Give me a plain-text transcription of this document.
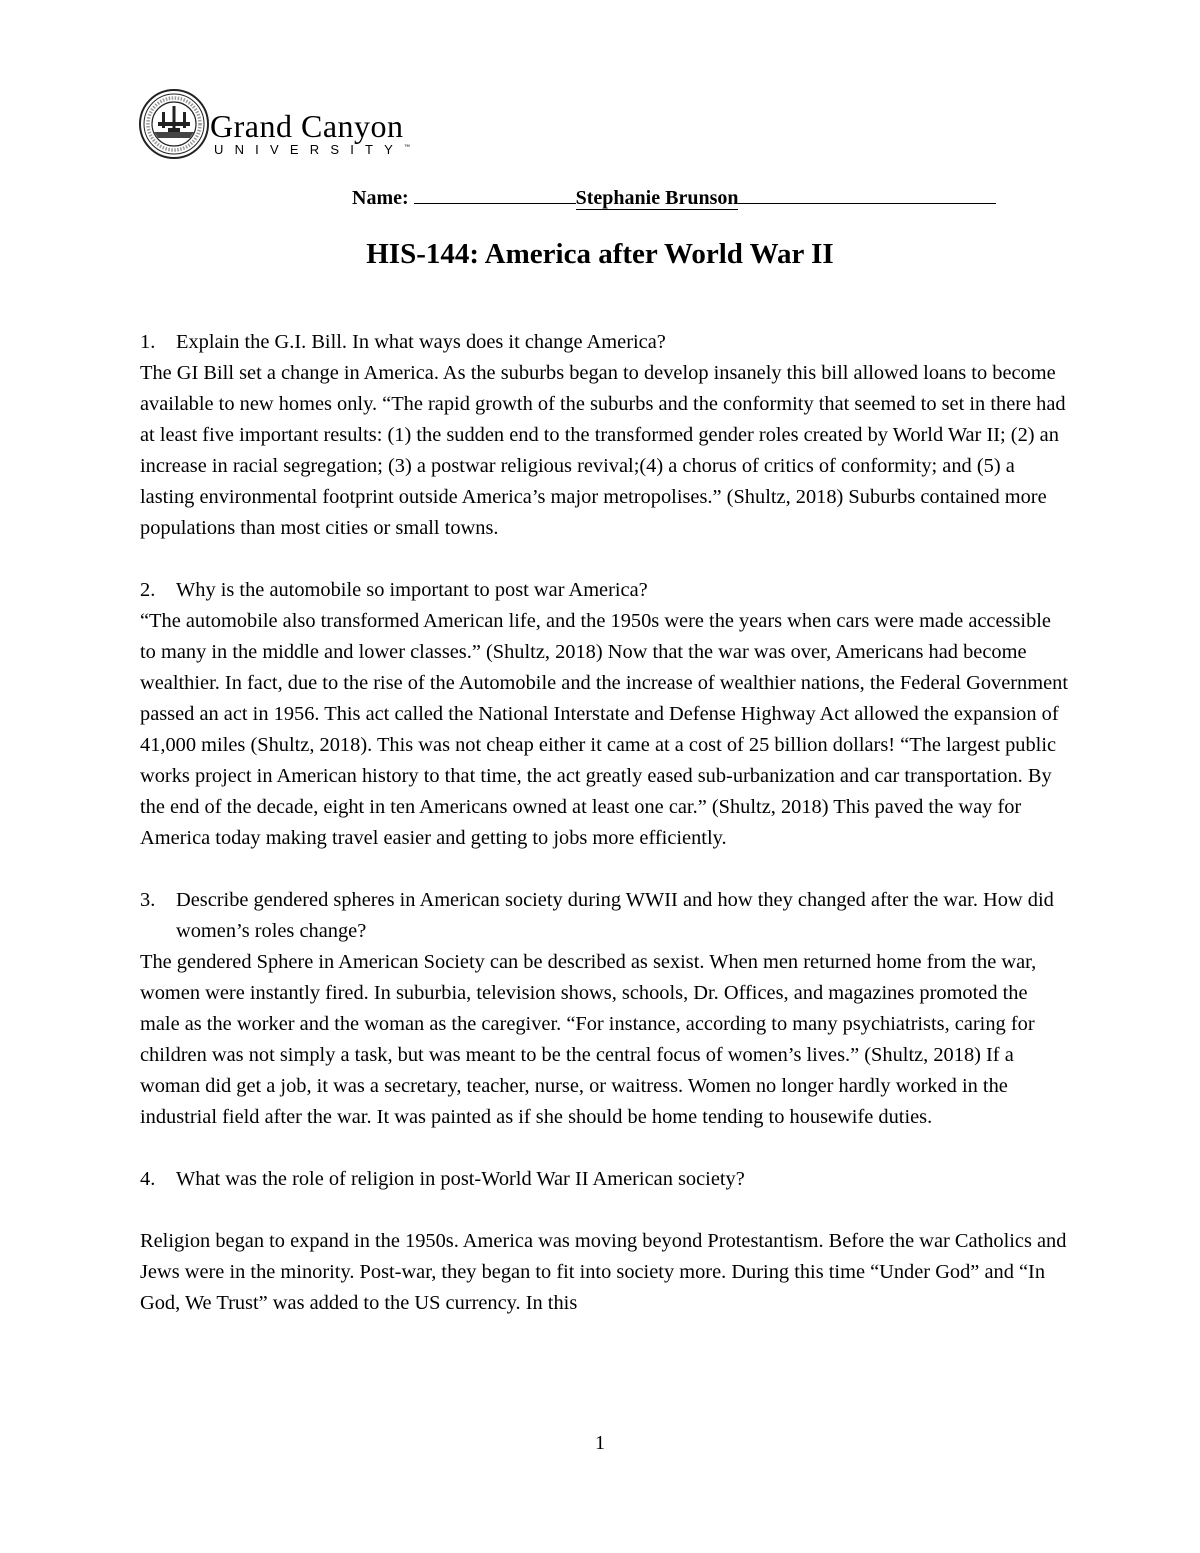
Grand Canyon
UNIVERSITY™
Name:	Stephanie Brunson
HIS-144: America after World War II

1. Explain the G.I. Bill. In what ways does it change America?

The GI Bill set a change in America. As the suburbs began to develop insanely this bill allowed loans to become available to new homes only. “The rapid growth of the suburbs and the conformity that seemed to set in there had at least five important results: (1) the sudden end to the transformed gender roles created by World War II; (2) an increase in racial segregation; (3) a postwar religious revival;(4) a chorus of critics of conformity; and (5) a lasting environmental footprint outside America’s major metropolises.” (Shultz, 2018) Suburbs contained more populations than most cities or small towns.

2. Why is the automobile so important to post war America?

“The automobile also transformed American life, and the 1950s were the years when cars were made accessible to many in the middle and lower classes.” (Shultz, 2018) Now that the war was over, Americans had become wealthier. In fact, due to the rise of the Automobile and the increase of wealthier nations, the Federal Government passed an act in 1956. This act called the National Interstate and Defense Highway Act allowed the expansion of 41,000 miles (Shultz, 2018). This was not cheap either it came at a cost of 25 billion dollars! “The largest public works project in American history to that time, the act greatly eased sub-urbanization and car transportation. By the end of the decade, eight in ten Americans owned at least one car.” (Shultz, 2018) This paved the way for America today making travel easier and getting to jobs more efficiently.

3. Describe gendered spheres in American society during WWII and how they changed after the war. How did women’s roles change?

The gendered Sphere in American Society can be described as sexist. When men returned home from the war, women were instantly fired. In suburbia, television shows, schools, Dr. Offices, and magazines promoted the male as the worker and the woman as the caregiver. “For instance, according to many psychiatrists, caring for children was not simply a task, but was meant to be the central focus of women’s lives.” (Shultz, 2018) If a woman did get a job, it was a secretary, teacher, nurse, or waitress. Women no longer hardly worked in the industrial field after the war. It was painted as if she should be home tending to housewife duties.

4. What was the role of religion in post-World War II American society?

Religion began to expand in the 1950s. America was moving beyond Protestantism. Before the war Catholics and Jews were in the minority. Post-war, they began to fit into society more. During this time “Under God” and “In God, We Trust” was added to the US currency. In this

1
